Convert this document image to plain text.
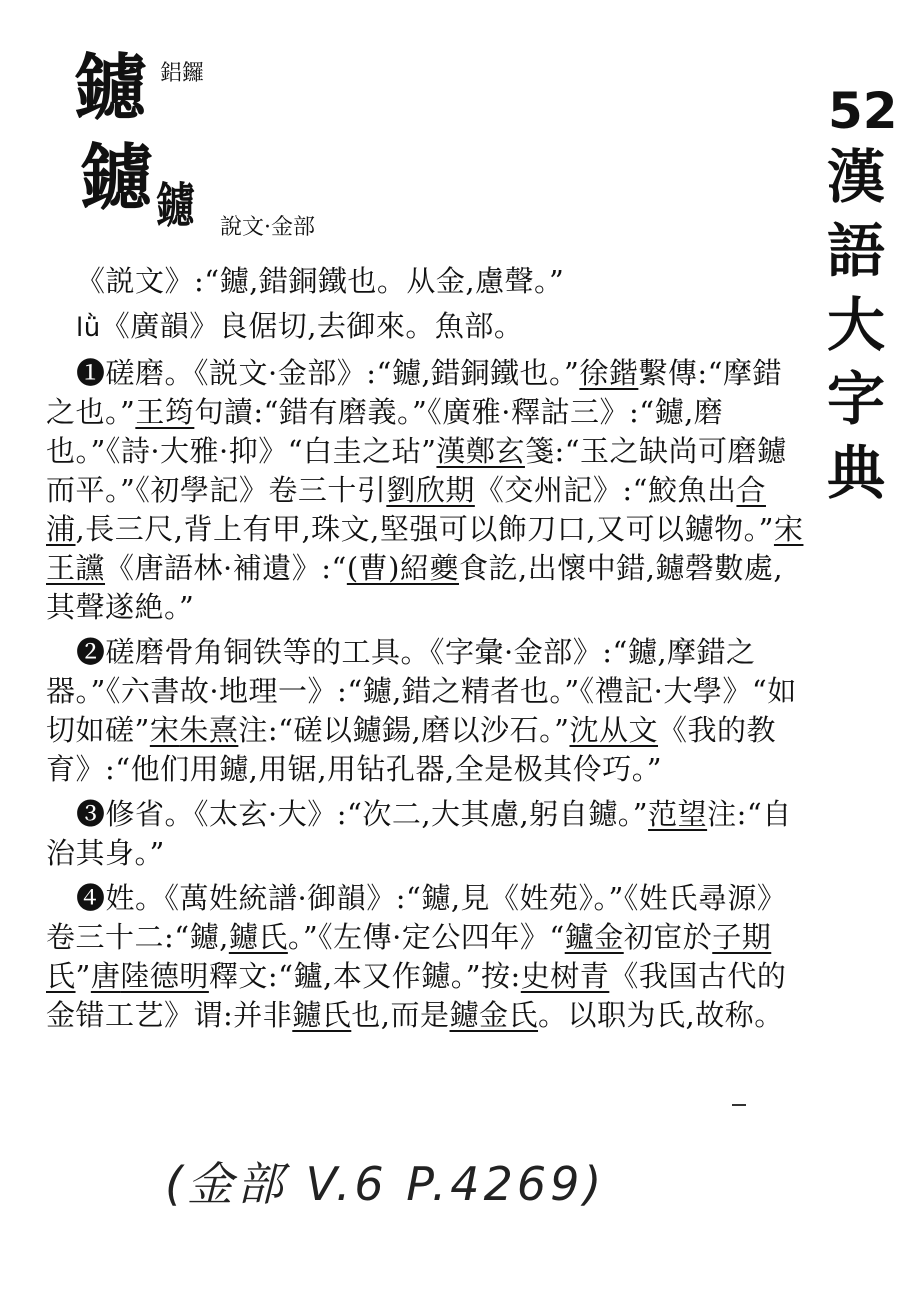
鑢 鋁鑼
鑢 鑢 說文·金部
52
漢
語
大
字
典

《説文》:“鑢,錯銅鐵也。从金,慮聲。”

lǜ《廣韻》良倨切,去御來。魚部。

❶磋磨。《説文·金部》:“鑢,錯銅鐵也。”徐鍇繫傳:“摩錯之也。”王筠句讀:“錯有磨義。”《廣雅·釋詁三》:“鑢,磨也。”《詩·大雅·抑》“白圭之玷”漢鄭玄箋:“玉之缺尚可磨鑢而平。”《初學記》卷三十引劉欣期《交州記》:“鮫魚出合浦,長三尺,背上有甲,珠文,堅强可以飾刀口,又可以鑢物。”宋王讜《唐語林·補遺》:“(曹)紹夔食訖,出懷中錯,鑢磬數處,其聲遂絶。”

❷磋磨骨角铜铁等的工具。《字彙·金部》:“鑢,摩錯之器。”《六書故·地理一》:“鑢,錯之精者也。”《禮記·大學》“如切如磋”宋朱熹注:“磋以鑢鍚,磨以沙石。”沈从文《我的教育》:“他们用鑢,用锯,用钻孔器,全是极其伶巧。”

❸修省。《太玄·大》:“次二,大其慮,躬自鑢。”范望注:“自治其身。”

❹姓。《萬姓統譜·御韻》:“鑢,見《姓苑》。”《姓氏尋源》卷三十二:“鑢,鑢氏。”《左傳·定公四年》“鑪金初宦於子期氏”唐陸德明釋文:“鑪,本又作鑢。”按:史树青《我国古代的金错工艺》谓:并非鑢氏也,而是鑢金氏。以职为氏,故称。

(金部 V.6 P.4269)
